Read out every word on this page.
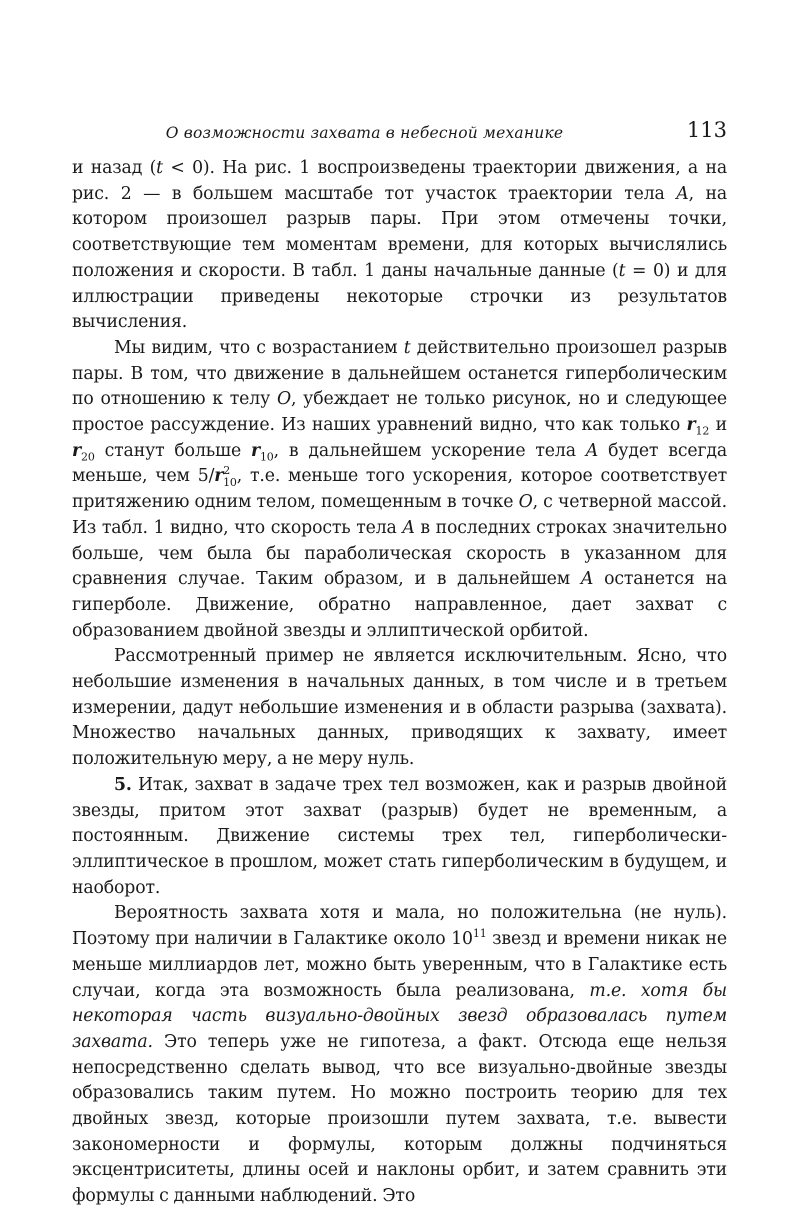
О возможности захвата в небесной механике	113

и назад (t < 0). На рис. 1 воспроизведены траектории движения, а на рис. 2 — в большем масштабе тот участок траектории тела A, на котором произошел разрыв пары. При этом отмечены точки, соответствующие тем моментам времени, для которых вычислялись положения и скорости. В табл. 1 даны начальные данные (t = 0) и для иллюстрации приведены некоторые строчки из результатов вычисления.

Мы видим, что с возрастанием t действительно произошел разрыв пары. В том, что движение в дальнейшем останется гиперболическим по отношению к телу O, убеждает не только рисунок, но и следующее простое рассуждение. Из наших уравнений видно, что как только $r_{12}$ и $r_{20}$ станут больше $r_{10}$, в дальнейшем ускорение тела A будет всегда меньше, чем $5/r^2_{10}$, т.е. меньше того ускорения, которое соответствует притяжению одним телом, помещенным в точке O, с четверной массой. Из табл. 1 видно, что скорость тела A в последних строках значительно больше, чем была бы параболическая скорость в указанном для сравнения случае. Таким образом, и в дальнейшем A останется на гиперболе. Движение, обратно направленное, дает захват с образованием двойной звезды и эллиптической орбитой.

Рассмотренный пример не является исключительным. Ясно, что небольшие изменения в начальных данных, в том числе и в третьем измерении, дадут небольшие изменения и в области разрыва (захвата). Множество начальных данных, приводящих к захвату, имеет положительную меру, а не меру нуль.

5. Итак, захват в задаче трех тел возможен, как и разрыв двойной звезды, притом этот захват (разрыв) будет не временным, а постоянным. Движение системы трех тел, гиперболически-эллиптическое в прошлом, может стать гиперболическим в будущем, и наоборот.

Вероятность захвата хотя и мала, но положительна (не нуль). Поэтому при наличии в Галактике около $10^{11}$ звезд и времени никак не меньше миллиардов лет, можно быть уверенным, что в Галактике есть случаи, когда эта возможность была реализована, т.е. хотя бы некоторая часть визуально-двойных звезд образовалась путем захвата. Это теперь уже не гипотеза, а факт. Отсюда еще нельзя непосредственно сделать вывод, что все визуально-двойные звезды образовались таким путем. Но можно построить теорию для тех двойных звезд, которые произошли путем захвата, т.е. вывести закономерности и формулы, которым должны подчиняться эксцентриситеты, длины осей и наклоны орбит, и затем сравнить эти формулы с данными наблюдений. Это
